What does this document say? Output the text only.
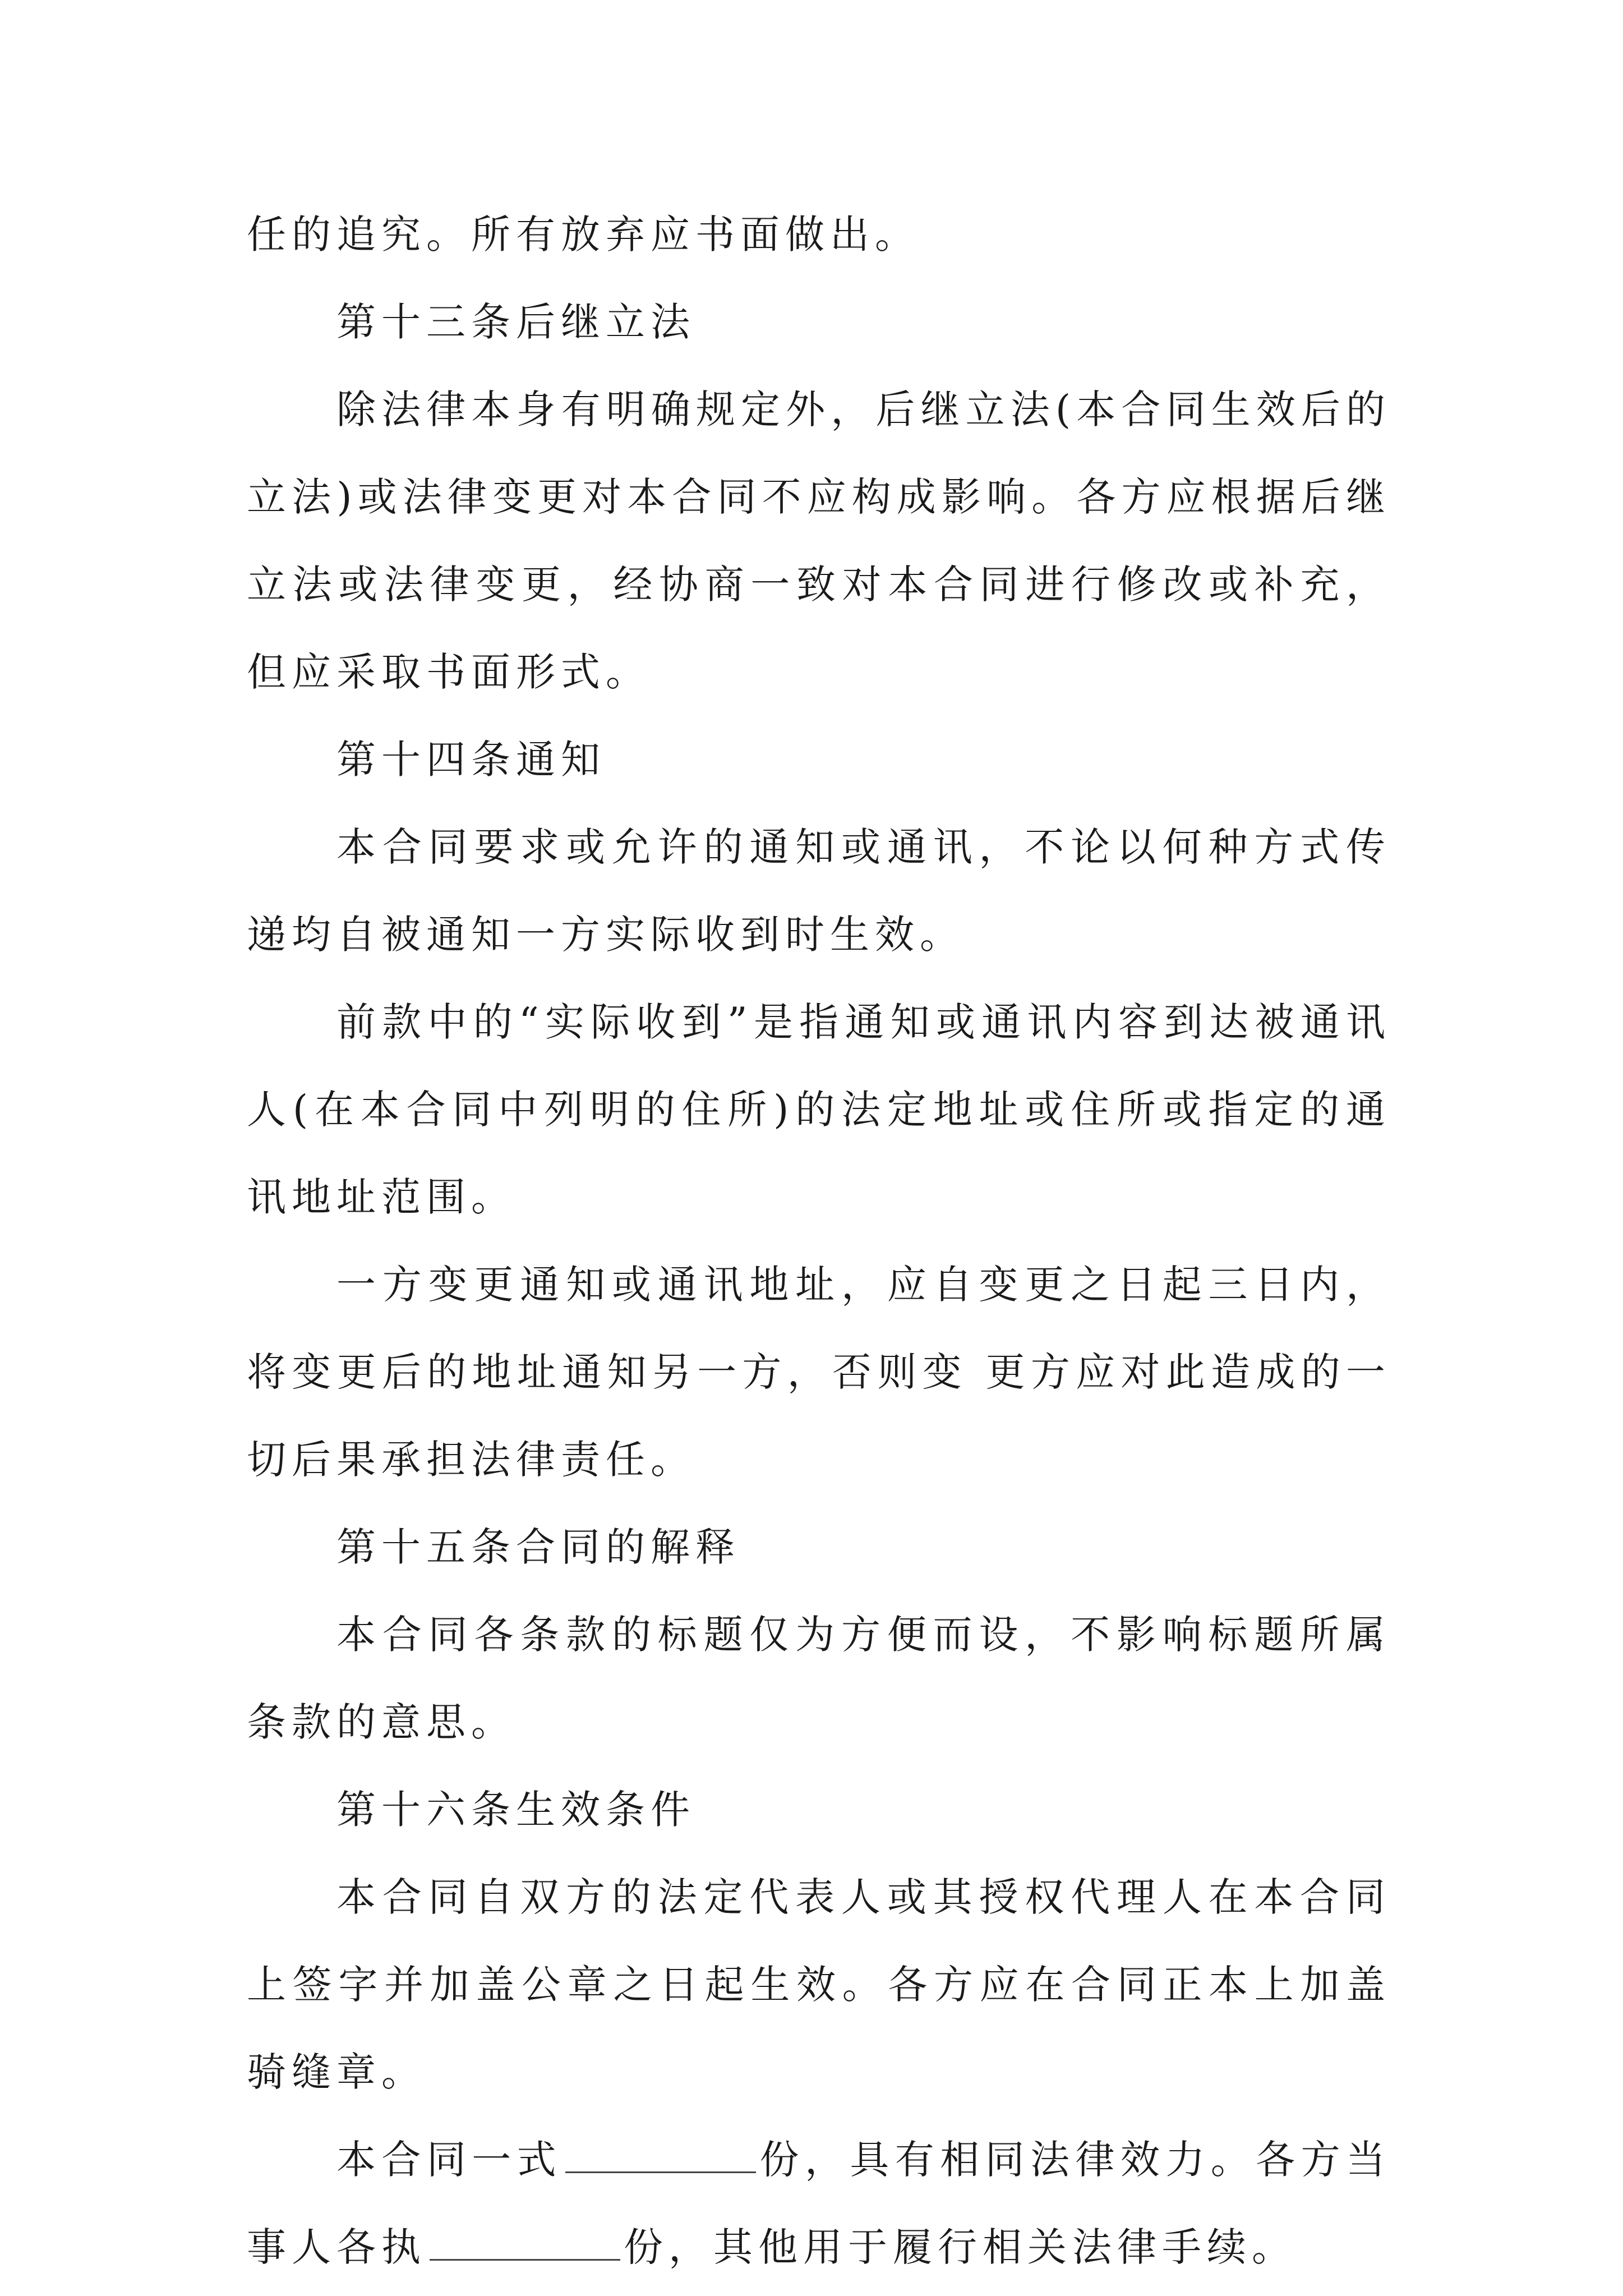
任的追究。所有放弃应书面做出。

第十三条后继立法

除法律本身有明确规定外，后继立法(本合同生效后的立法)或法律变更对本合同不应构成影响。各方应根据后继立法或法律变更，经协商一致对本合同进行修改或补充，但应采取书面形式。

第十四条通知

本合同要求或允许的通知或通讯，不论以何种方式传递均自被通知一方实际收到时生效。

前款中的“实际收到”是指通知或通讯内容到达被通讯人(在本合同中列明的住所)的法定地址或住所或指定的通讯地址范围。

一方变更通知或通讯地址，应自变更之日起三日内，将变更后的地址通知另一方，否则变 更方应对此造成的一切后果承担法律责任。

第十五条合同的解释

本合同各条款的标题仅为方便而设，不影响标题所属条款的意思。

第十六条生效条件

本合同自双方的法定代表人或其授权代理人在本合同上签字并加盖公章之日起生效。各方应在合同正本上加盖骑缝章。

本合同一式	份，具有相同法律效力。各方当事人各执	份，其他用于履行相关法律手续。
